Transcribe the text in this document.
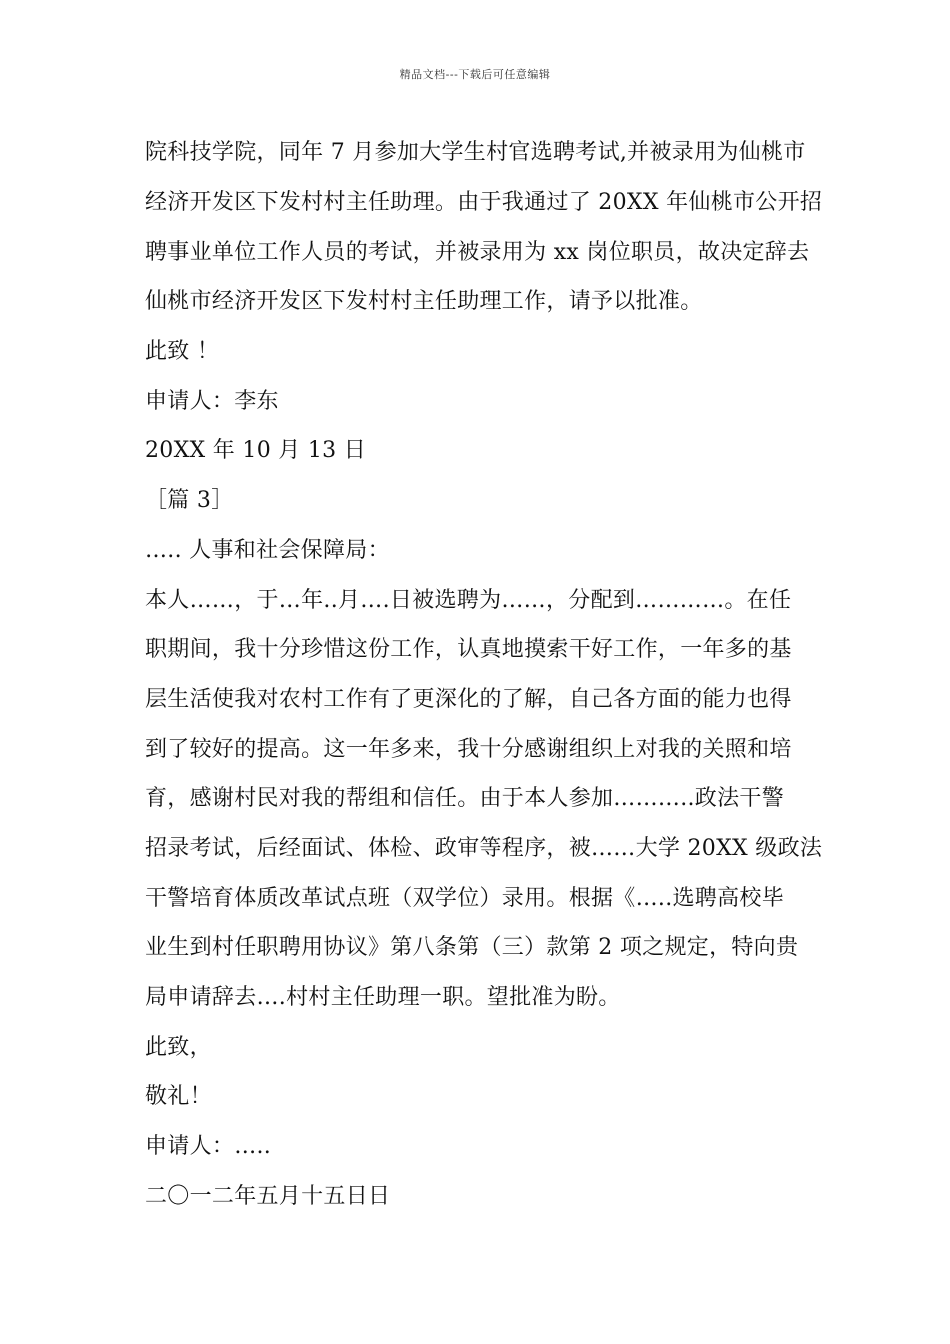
精品文档---下载后可任意编辑
院科技学院，同年 7 月参加大学生村官选聘考试,并被录用为仙桃市
经济开发区下发村村主任助理。由于我通过了 20XX 年仙桃市公开招
聘事业单位工作人员的考试，并被录用为 xx 岗位职员，故决定辞去
仙桃市经济开发区下发村村主任助理工作，请予以批准。
此致 ！
申请人：李东
20XX 年 10 月 13 日
［篇 3］
….. 人事和社会保障局：
本人……，于…年..月….日被选聘为……，分配到…………。在任
职期间，我十分珍惜这份工作，认真地摸索干好工作，一年多的基
层生活使我对农村工作有了更深化的了解，自己各方面的能力也得
到了较好的提高。这一年多来，我十分感谢组织上对我的关照和培
育，感谢村民对我的帮组和信任。由于本人参加………..政法干警
招录考试，后经面试、体检、政审等程序，被……大学 20XX 级政法
干警培育体质改革试点班（双学位）录用。根据《…..选聘高校毕
业生到村任职聘用协议》第八条第（三）款第 2 项之规定，特向贵
局申请辞去….村村主任助理一职。望批准为盼。
此致，
敬礼！
申请人：…..
二〇一二年五月十五日日
